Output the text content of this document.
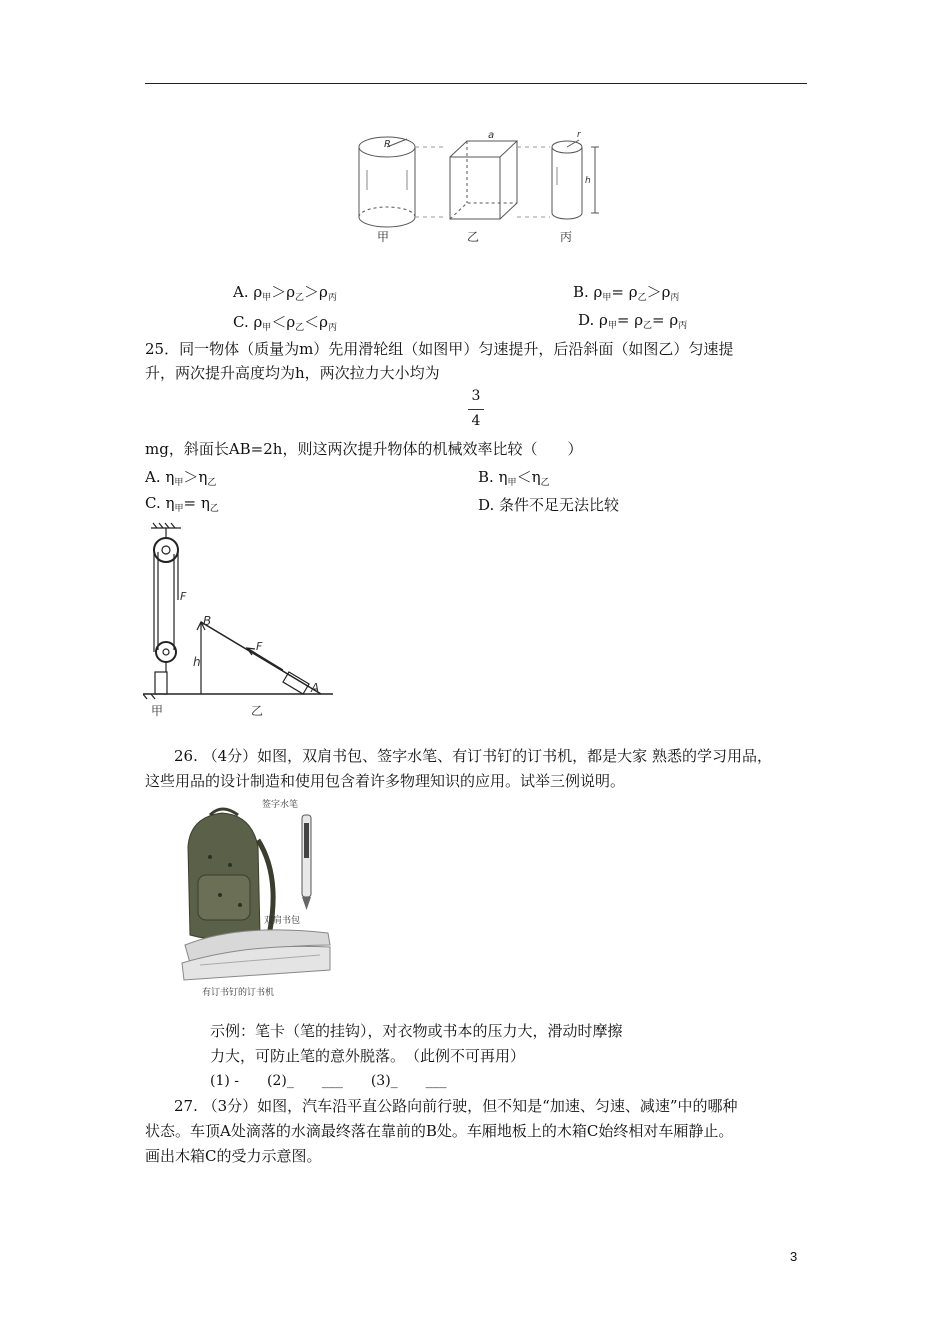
R
a	r
h
甲	乙	丙
A. $\rho_甲>\rho_乙>\rho_丙$	B. $\rho_甲= \rho_乙>\rho_丙$
C. $\rho_甲<\rho_乙<\rho_丙$	D. $\rho_甲= \rho_乙= \rho_丙$
25．同一物体（质量为m）先用滑轮组（如图甲）匀速提升，后沿斜面（如图乙）匀速提
升，两次提升高度均为h，两次拉力大小均为
3
4
mg，斜面长AB=2h，则这两次提升物体的机械效率比较（　　）
A. $\eta_甲>\eta_乙$	B. $\eta_甲<\eta_乙$
C. $\eta_甲= \eta_乙$	D. 条件不足无法比较
F
F
B
A
h
甲	乙
26. （4分）如图，双肩书包、签字水笔、有订书钉的订书机，都是大家 熟悉的学习用品，
这些用品的设计制造和使用包含着许多物理知识的应用。试举三例说明。
签字水笔
双肩书包
有订书钉的订书机
示例：笔卡（笔的挂钩），对衣物或书本的压力大，滑动时摩擦
力大，可防止笔的意外脱落。　（此例不可再用）
(1) -　　(2)_　　___　　(3)_　　___
27. （3分）如图，汽车沿平直公路向前行驶，但不知是“加速、匀速、减速”中的哪种
状态。车顶A处滴落的水滴最终落在靠前的B处。车厢地板上的木箱C始终相对车厢静止。
画出木箱C的受力示意图。
3
